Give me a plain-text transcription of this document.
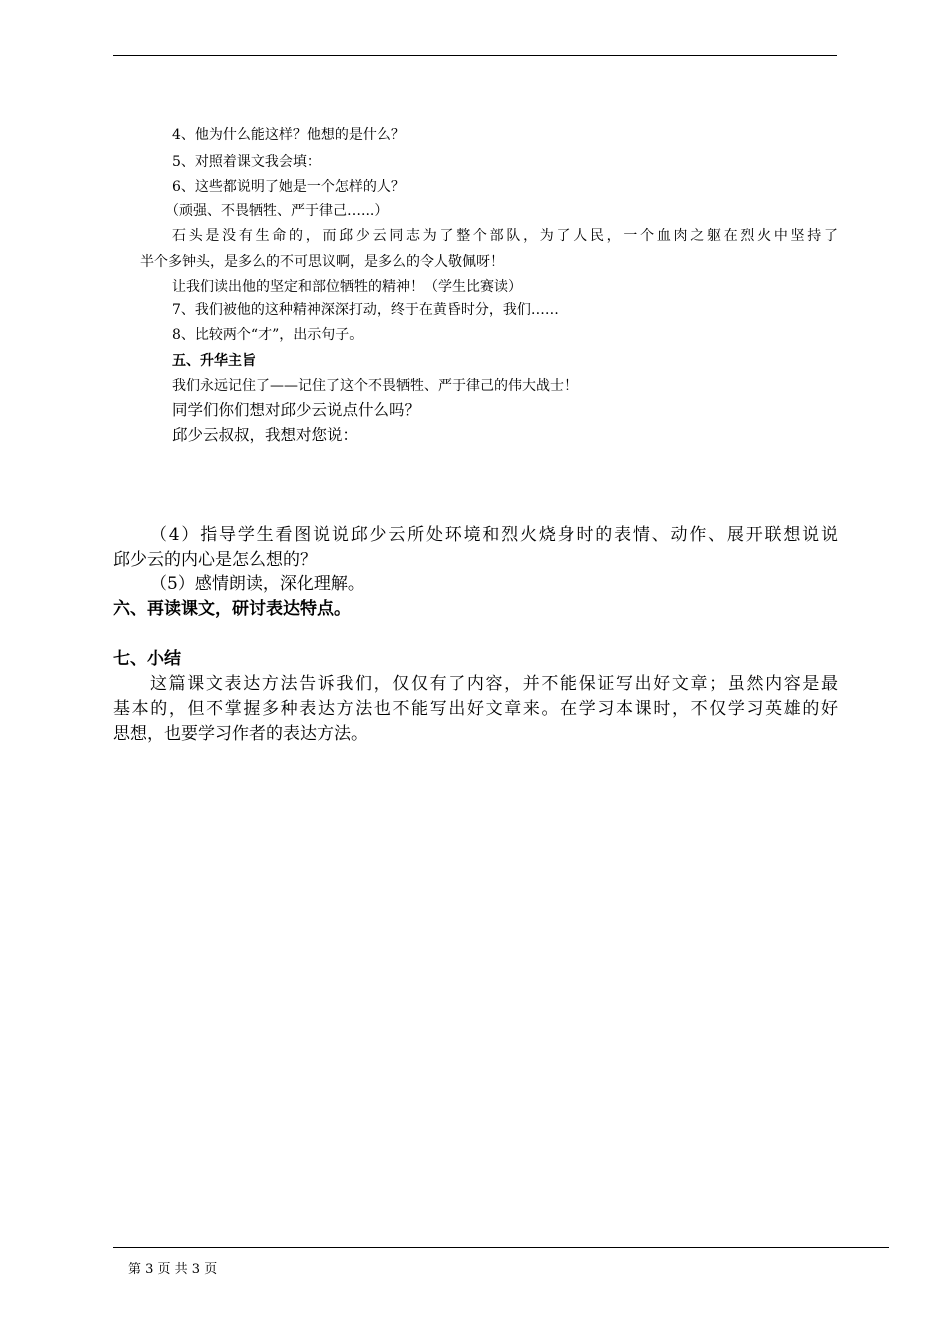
4、他为什么能这样？他想的是什么？
5、对照着课文我会填：
6、这些都说明了她是一个怎样的人？
（顽强、不畏牺牲、严于律己…...）
石头是没有生命的，而邱少云同志为了整个部队，为了人民，一个血肉之躯在烈火中坚持了
半个多钟头，是多么的不可思议啊，是多么的令人敬佩呀！
让我们读出他的坚定和部位牺牲的精神！（学生比赛读）
7、我们被他的这种精神深深打动，终于在黄昏时分，我们……
8、比较两个“才”，出示句子。
五、升华主旨
我们永远记住了——记住了这个不畏牺牲、严于律己的伟大战士！
同学们你们想对邱少云说点什么吗？
邱少云叔叔，我想对您说：
（4）指导学生看图说说邱少云所处环境和烈火烧身时的表情、动作、展开联想说说
邱少云的内心是怎么想的？
（5）感情朗读，深化理解。
六、再读课文，研讨表达特点。
七、小结
这篇课文表达方法告诉我们，仅仅有了内容，并不能保证写出好文章；虽然内容是最
基本的，但不掌握多种表达方法也不能写出好文章来。在学习本课时，不仅学习英雄的好
思想，也要学习作者的表达方法。
第 3 页 共 3 页
